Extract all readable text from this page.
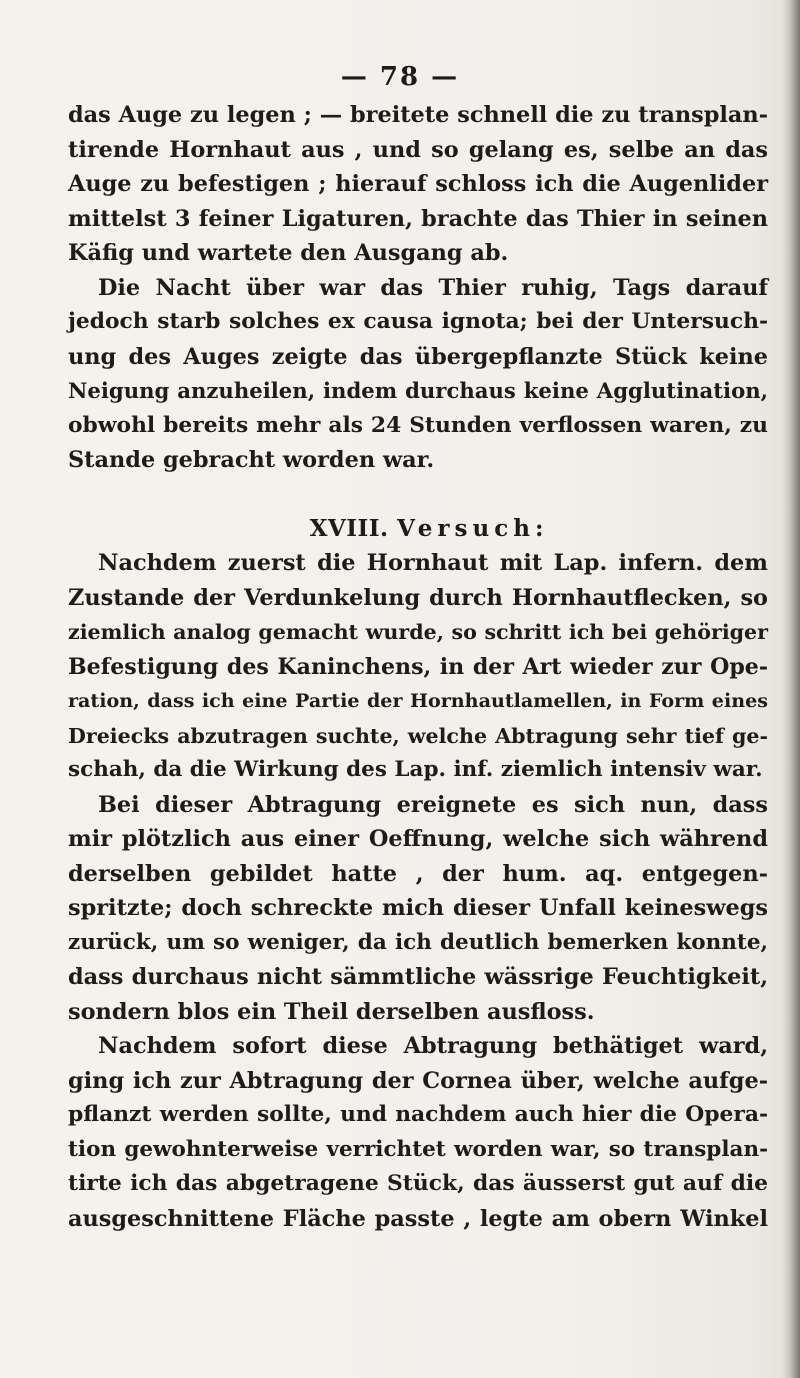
— 78 —
das Auge zu legen ; — breitete schnell die zu transplan-
tirende Hornhaut aus , und so gelang es, selbe an das
Auge zu befestigen ; hierauf schloss ich die Augenlider
mittelst 3 feiner Ligaturen, brachte das Thier in seinen
Käfig und wartete den Ausgang ab.
Die Nacht über war das Thier ruhig, Tags darauf
jedoch starb solches ex causa ignota; bei der Untersuch-
ung des Auges zeigte das übergepflanzte Stück keine
Neigung anzuheilen, indem durchaus keine Agglutination,
obwohl bereits mehr als 24 Stunden verflossen waren, zu
Stande gebracht worden war.
XVIII. Versuch:
Nachdem zuerst die Hornhaut mit Lap. infern. dem
Zustande der Verdunkelung durch Hornhautflecken, so
ziemlich analog gemacht wurde, so schritt ich bei gehöriger
Befestigung des Kaninchens, in der Art wieder zur Ope-
ration, dass ich eine Partie der Hornhautlamellen, in Form eines
Dreiecks abzutragen suchte, welche Abtragung sehr tief ge-
schah, da die Wirkung des Lap. inf. ziemlich intensiv war.
Bei dieser Abtragung ereignete es sich nun, dass
mir plötzlich aus einer Oeffnung, welche sich während
derselben gebildet hatte , der hum. aq. entgegen-
spritzte; doch schreckte mich dieser Unfall keineswegs
zurück, um so weniger, da ich deutlich bemerken konnte,
dass durchaus nicht sämmtliche wässrige Feuchtigkeit,
sondern blos ein Theil derselben ausfloss.
Nachdem sofort diese Abtragung bethätiget ward,
ging ich zur Abtragung der Cornea über, welche aufge-
pflanzt werden sollte, und nachdem auch hier die Opera-
tion gewohnterweise verrichtet worden war, so transplan-
tirte ich das abgetragene Stück, das äusserst gut auf die
ausgeschnittene Fläche passte , legte am obern Winkel
